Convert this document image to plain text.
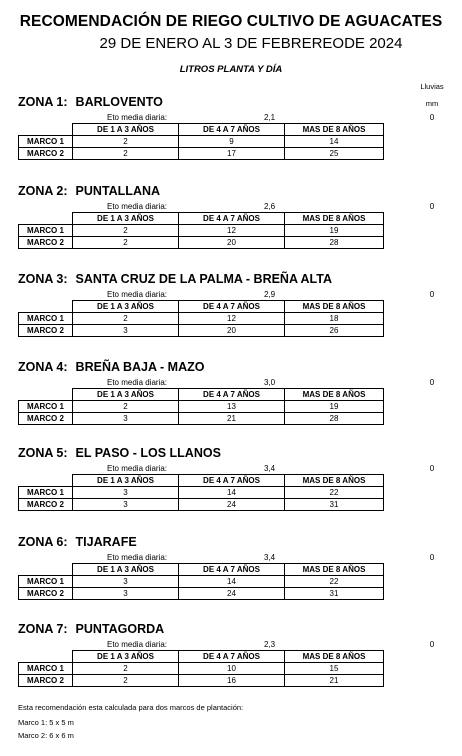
RECOMENDACIÓN DE RIEGO CULTIVO DE AGUACATES
29 DE ENERO AL 3 DE FEBREREODE 2024
LITROS PLANTA Y DÍA
Lluvias
mm
ZONA 1: BARLOVENTO
Eto media diaria:	2,1	0
	DE 1 A 3 AÑOS	DE 4 A 7 AÑOS	MAS DE 8 AÑOS
MARCO 1	2	9	14
MARCO 2	2	17	25
ZONA 2: PUNTALLANA
Eto media diaria:	2,6	0
	DE 1 A 3 AÑOS	DE 4 A 7 AÑOS	MAS DE 8 AÑOS
MARCO 1	2	12	19
MARCO 2	2	20	28
ZONA 3: SANTA CRUZ DE LA PALMA - BREÑA ALTA
Eto media diaria:	2,9	0
	DE 1 A 3 AÑOS	DE 4 A 7 AÑOS	MAS DE 8 AÑOS
MARCO 1	2	12	18
MARCO 2	3	20	26
ZONA 4: BREÑA BAJA - MAZO
Eto media diaria:	3,0	0
	DE 1 A 3 AÑOS	DE 4 A 7 AÑOS	MAS DE 8 AÑOS
MARCO 1	2	13	19
MARCO 2	3	21	28
ZONA 5: EL PASO - LOS LLANOS
Eto media diaria:	3,4	0
	DE 1 A 3 AÑOS	DE 4 A 7 AÑOS	MAS DE 8 AÑOS
MARCO 1	3	14	22
MARCO 2	3	24	31
ZONA 6: TIJARAFE
Eto media diaria:	3,4	0
	DE 1 A 3 AÑOS	DE 4 A 7 AÑOS	MAS DE 8 AÑOS
MARCO 1	3	14	22
MARCO 2	3	24	31
ZONA 7: PUNTAGORDA
Eto media diaria:	2,3	0
	DE 1 A 3 AÑOS	DE 4 A 7 AÑOS	MAS DE 8 AÑOS
MARCO 1	2	10	15
MARCO 2	2	16	21
Esta recomendación esta calculada para dos marcos de plantación:
Marco 1: 5 x 5 m
Marco 2: 6 x 6 m
